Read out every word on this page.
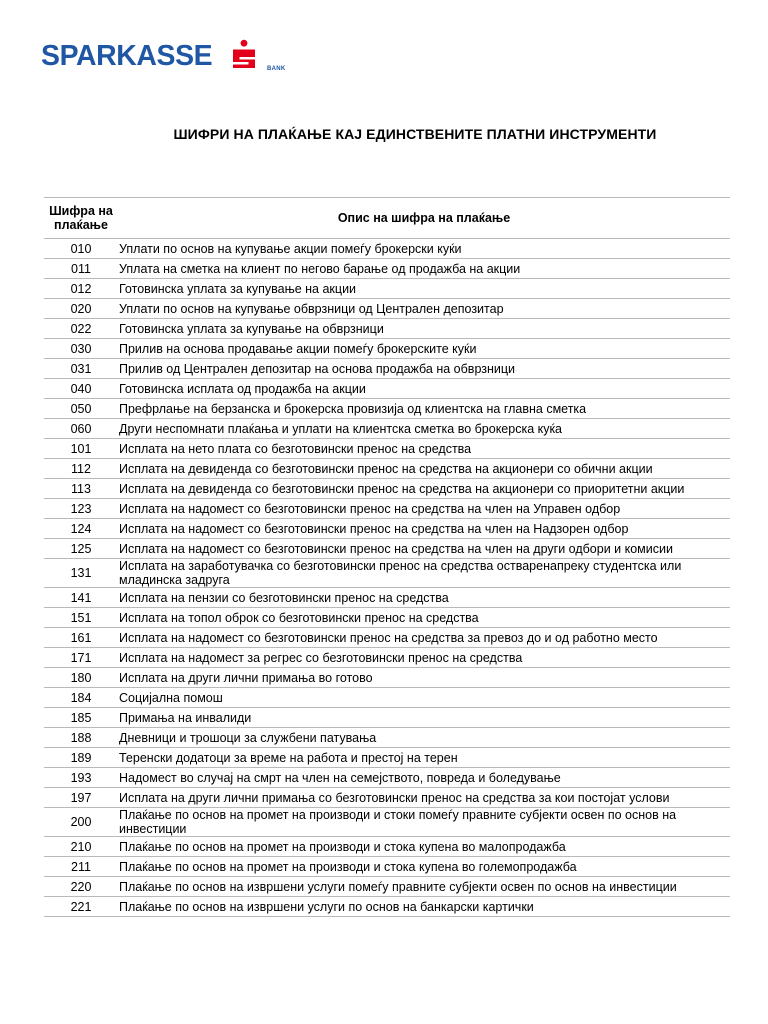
SPARKASSE	BANK
ШИФРИ НА ПЛАЌАЊЕ КАЈ ЕДИНСТВЕНИТЕ ПЛАТНИ ИНСТРУМЕНТИ
Шифра на плаќање	Опис на шифра на плаќање
010	Уплати по основ на купување акции помеѓу брокерски куќи
011	Уплата на сметка на клиент по негово барање од продажба на акции
012	Готовинска уплата за купување на акции
020	Уплати по основ на купување обврзници од Централен депозитар
022	Готовинска уплата за купување на обврзници
030	Прилив на основа продавање акции помеѓу брокерските куќи
031	Прилив од Централен депозитар на основа продажба на обврзници
040	Готовинска исплата од продажба на акции
050	Префрлање на берзанска и брокерска провизија од клиентска на главна сметка
060	Други неспомнати плаќања и уплати на клиентска сметка во брокерска куќа
101	Исплата на нето плата со безготовински пренос на средства
112	Исплата на девиденда со безготовински пренос на средства на акционери со обични акции
113	Исплата на девиденда со безготовински пренос на средства на акционери со приоритетни акции
123	Исплата на надомест со безготовински пренос на средства на член на Управен одбор
124	Исплата на надомест со безготовински пренос на средства на член на Надзорен одбор
125	Исплата на надомест со безготовински пренос на средства на член на други одбори и комисии
131	Исплата на заработувачка со безготовински пренос на средства остваренапреку студентска или младинска задруга
141	Исплата на пензии со безготовински пренос на средства
151	Исплата на топол оброк со безготовински пренос на средства
161	Исплата на надомест со безготовински пренос на средства за превоз до и од работно место
171	Исплата на надомест за регрес со безготовински пренос на средства
180	Исплата на други лични примања во готово
184	Социјална помош
185	Примања на инвалиди
188	Дневници и трошоци за службени патувања
189	Теренски додатоци за време на работа и престој на терен
193	Надомест во случај на смрт на член на семејството, повреда и боледување
197	Исплата на други лични примања со безготовински пренос на средства за кои постојат услови
200	Плаќање по основ на промет на производи и стоки помеѓу правните субјекти освен по основ на инвестиции
210	Плаќање по основ на промет на производи и стока купена во малопродажба
211	Плаќање по основ на промет на производи и стока купена во големопродажба
220	Плаќање по основ на извршени услуги помеѓу правните субјекти освен по основ на инвестиции
221	Плаќање по основ на извршени услуги по основ на банкарски картички
